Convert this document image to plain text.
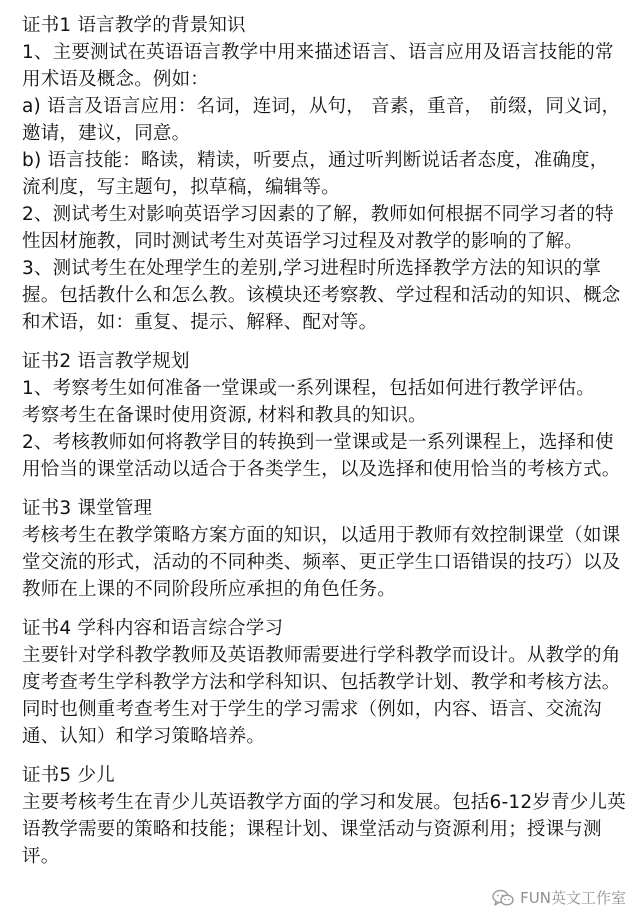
证书1 语言教学的背景知识
1、主要测试在英语语言教学中用来描述语言、语言应用及语言技能的常
用术语及概念。例如：
a) 语言及语言应用：名词，连词，从句， 音素，重音， 前缀，同义词，
邀请，建议，同意。
b) 语言技能：略读，精读，听要点，通过听判断说话者态度，准确度，
流利度，写主题句，拟草稿，编辑等。
2、测试考生对影响英语学习因素的了解，教师如何根据不同学习者的特
性因材施教，同时测试考生对英语学习过程及对教学的影响的了解。
3、测试考生在处理学生的差别,学习进程时所选择教学方法的知识的掌
握。包括教什么和怎么教。该模块还考察教、学过程和活动的知识、概念
和术语，如：重复、提示、解释、配对等。
证书2 语言教学规划
1、考察考生如何准备一堂课或一系列课程，包括如何进行教学评估。
考察考生在备课时使用资源, 材料和教具的知识。
2、考核教师如何将教学目的转换到一堂课或是一系列课程上，选择和使
用恰当的课堂活动以适合于各类学生，以及选择和使用恰当的考核方式。
证书3 课堂管理
考核考生在教学策略方案方面的知识，以适用于教师有效控制课堂（如课
堂交流的形式，活动的不同种类、频率、更正学生口语错误的技巧）以及
教师在上课的不同阶段所应承担的角色任务。
证书4 学科内容和语言综合学习
主要针对学科教学教师及英语教师需要进行学科教学而设计。从教学的角
度考查考生学科教学方法和学科知识、包括教学计划、教学和考核方法。
同时也侧重考查考生对于学生的学习需求（例如，内容、语言、交流沟
通、认知）和学习策略培养。
证书5 少儿
主要考核考生在青少儿英语教学方面的学习和发展。包括6-12岁青少儿英
语教学需要的策略和技能；课程计划、课堂活动与资源利用；授课与测
评。
FUN英文工作室
